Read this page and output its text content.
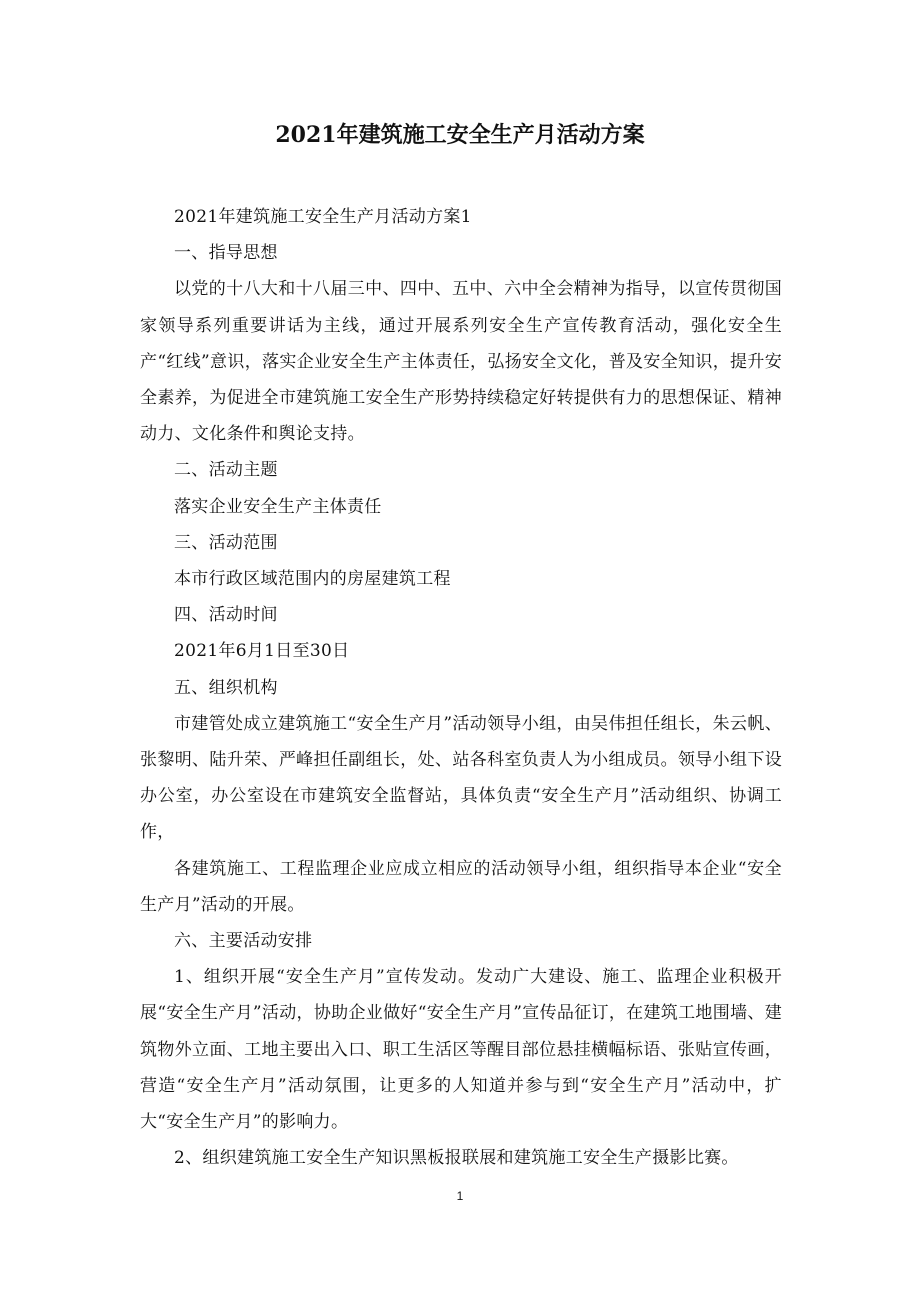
2021年建筑施工安全生产月活动方案

2021年建筑施工安全生产月活动方案1

一、指导思想

以党的十八大和十八届三中、四中、五中、六中全会精神为指导，以宣传贯彻国家领导系列重要讲话为主线，通过开展系列安全生产宣传教育活动，强化安全生产“红线”意识，落实企业安全生产主体责任，弘扬安全文化，普及安全知识，提升安全素养，为促进全市建筑施工安全生产形势持续稳定好转提供有力的思想保证、精神动力、文化条件和舆论支持。

二、活动主题

落实企业安全生产主体责任

三、活动范围

本市行政区域范围内的房屋建筑工程

四、活动时间

2021年6月1日至30日

五、组织机构

市建管处成立建筑施工“安全生产月”活动领导小组，由吴伟担任组长，朱云帆、张黎明、陆升荣、严峰担任副组长，处、站各科室负责人为小组成员。领导小组下设办公室，办公室设在市建筑安全监督站，具体负责“安全生产月”活动组织、协调工作，

各建筑施工、工程监理企业应成立相应的活动领导小组，组织指导本企业“安全生产月”活动的开展。

六、主要活动安排

1、组织开展“安全生产月”宣传发动。发动广大建设、施工、监理企业积极开展“安全生产月”活动，协助企业做好“安全生产月”宣传品征订，在建筑工地围墙、建筑物外立面、工地主要出入口、职工生活区等醒目部位悬挂横幅标语、张贴宣传画，营造“安全生产月”活动氛围，让更多的人知道并参与到“安全生产月”活动中，扩大“安全生产月”的影响力。

2、组织建筑施工安全生产知识黑板报联展和建筑施工安全生产摄影比赛。

1
